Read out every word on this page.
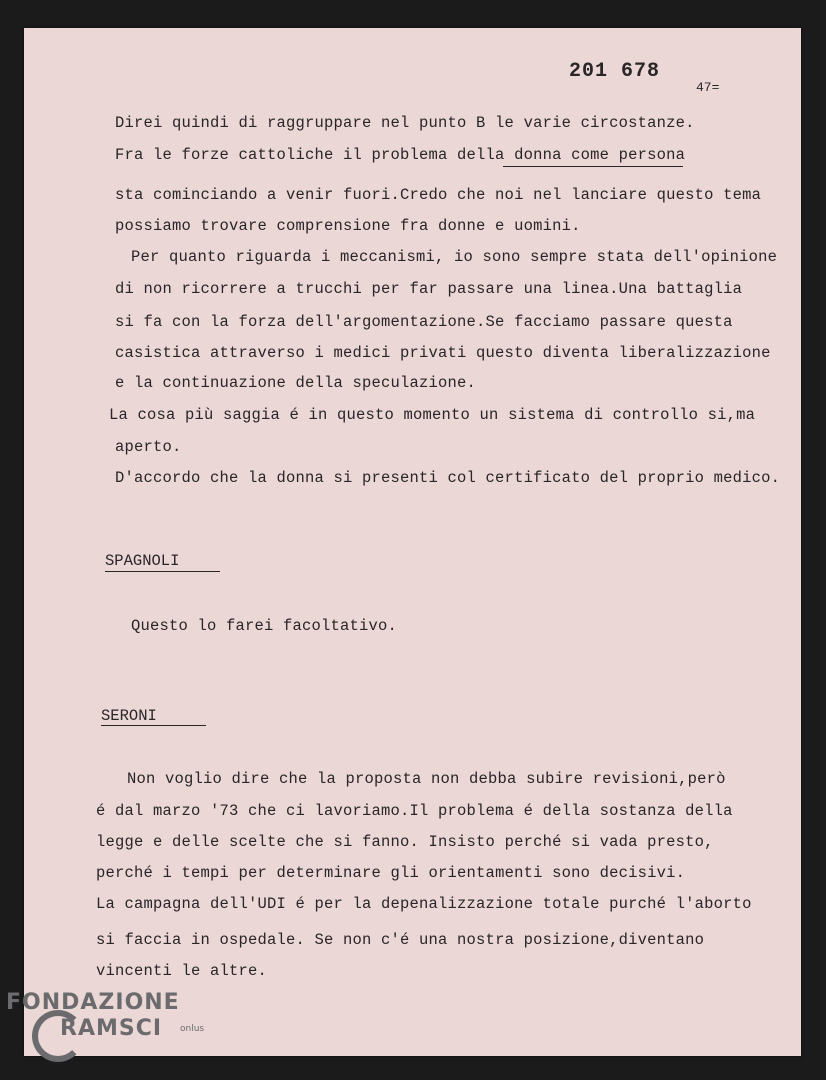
201 678
47=
Direi quindi di raggruppare nel punto B le varie circostanze.
Fra le forze cattoliche il problema della donna come persona
sta cominciando a venir fuori.Credo che noi nel lanciare questo tema
possiamo trovare comprensione fra donne e uomini.
Per quanto riguarda i meccanismi, io sono sempre stata dell'opinione
di non ricorrere a trucchi per far passare una linea.Una battaglia
si fa con la forza dell'argomentazione.Se facciamo passare questa
casistica attraverso i medici privati questo diventa liberalizzazione
e la continuazione della speculazione.
La cosa più saggia é in questo momento un sistema di controllo si,ma
aperto.
D'accordo che la donna si presenti col certificato del proprio medico.
SPAGNOLI
Questo lo farei facoltativo.
SERONI
Non voglio dire che la proposta non debba subire revisioni,però
é dal marzo '73 che ci lavoriamo.Il problema é della sostanza della
legge e delle scelte che si fanno. Insisto perché si vada presto,
perché i tempi per determinare gli orientamenti sono decisivi.
La campagna dell'UDI é per la depenalizzazione totale purché l'aborto
si faccia in ospedale. Se non c'é una nostra posizione,diventano
vincenti le altre.
FONDAZIONE
RAMSCI onlus
